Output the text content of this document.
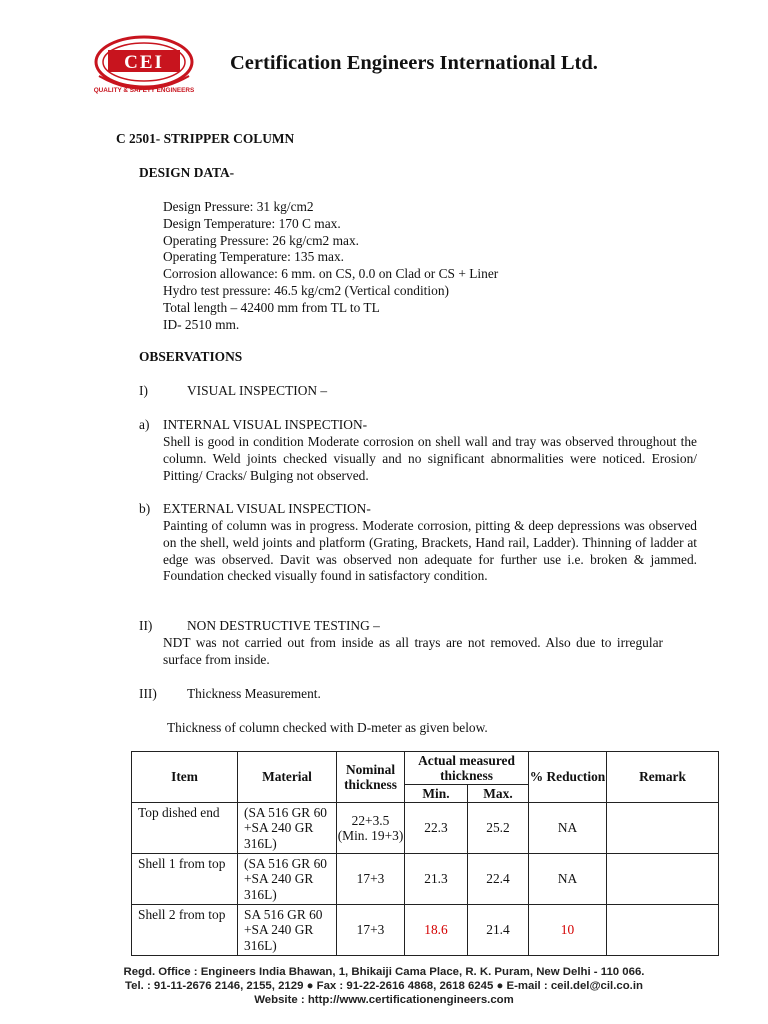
CEI
QUALITY & SAFETY ENGINEERS
Certification Engineers International Ltd.
C 2501- STRIPPER COLUMN
DESIGN DATA-
Design Pressure: 31 kg/cm2
Design Temperature: 170 C max.
Operating Pressure: 26 kg/cm2 max.
Operating Temperature: 135 max.
Corrosion allowance: 6 mm. on CS, 0.0 on Clad or CS + Liner
Hydro test pressure: 46.5 kg/cm2 (Vertical condition)
Total length – 42400 mm from TL to TL
ID- 2510 mm.
OBSERVATIONS
I)	VISUAL INSPECTION –
a) INTERNAL VISUAL INSPECTION-
Shell is good in condition Moderate corrosion on shell wall and tray was observed throughout the column. Weld joints checked visually and no significant abnormalities were noticed. Erosion/ Pitting/ Cracks/ Bulging not observed.
b) EXTERNAL VISUAL INSPECTION-
Painting of column was in progress. Moderate corrosion, pitting & deep depressions was observed on the shell, weld joints and platform (Grating, Brackets, Hand rail, Ladder). Thinning of ladder at edge was observed. Davit was observed non adequate for further use i.e. broken & jammed. Foundation checked visually found in satisfactory condition.
II)	NON DESTRUCTIVE TESTING –
NDT was not carried out from inside as all trays are not removed. Also due to irregular surface from inside.
III) Thickness Measurement.
Thickness of column checked with D-meter as given below.
Item	Material	Nominal thickness	Actual measured thickness		% Reduction	Remark
			Min.	Max.		
Top dished end	(SA 516 GR 60 +SA 240 GR 316L)	22+3.5 (Min. 19+3)	22.3	25.2	NA	
Shell 1 from top	(SA 516 GR 60 +SA 240 GR 316L)	17+3	21.3	22.4	NA	
Shell 2 from top	SA 516 GR 60 +SA 240 GR 316L)	17+3	18.6	21.4	10	
Regd. Office : Engineers India Bhawan, 1, Bhikaiji Cama Place, R. K. Puram, New Delhi - 110 066.
Tel. : 91-11-2676 2146, 2155, 2129 ● Fax : 91-22-2616 4868, 2618 6245 ● E-mail : ceil.del@cil.co.in
Website : http://www.certificationengineers.com
